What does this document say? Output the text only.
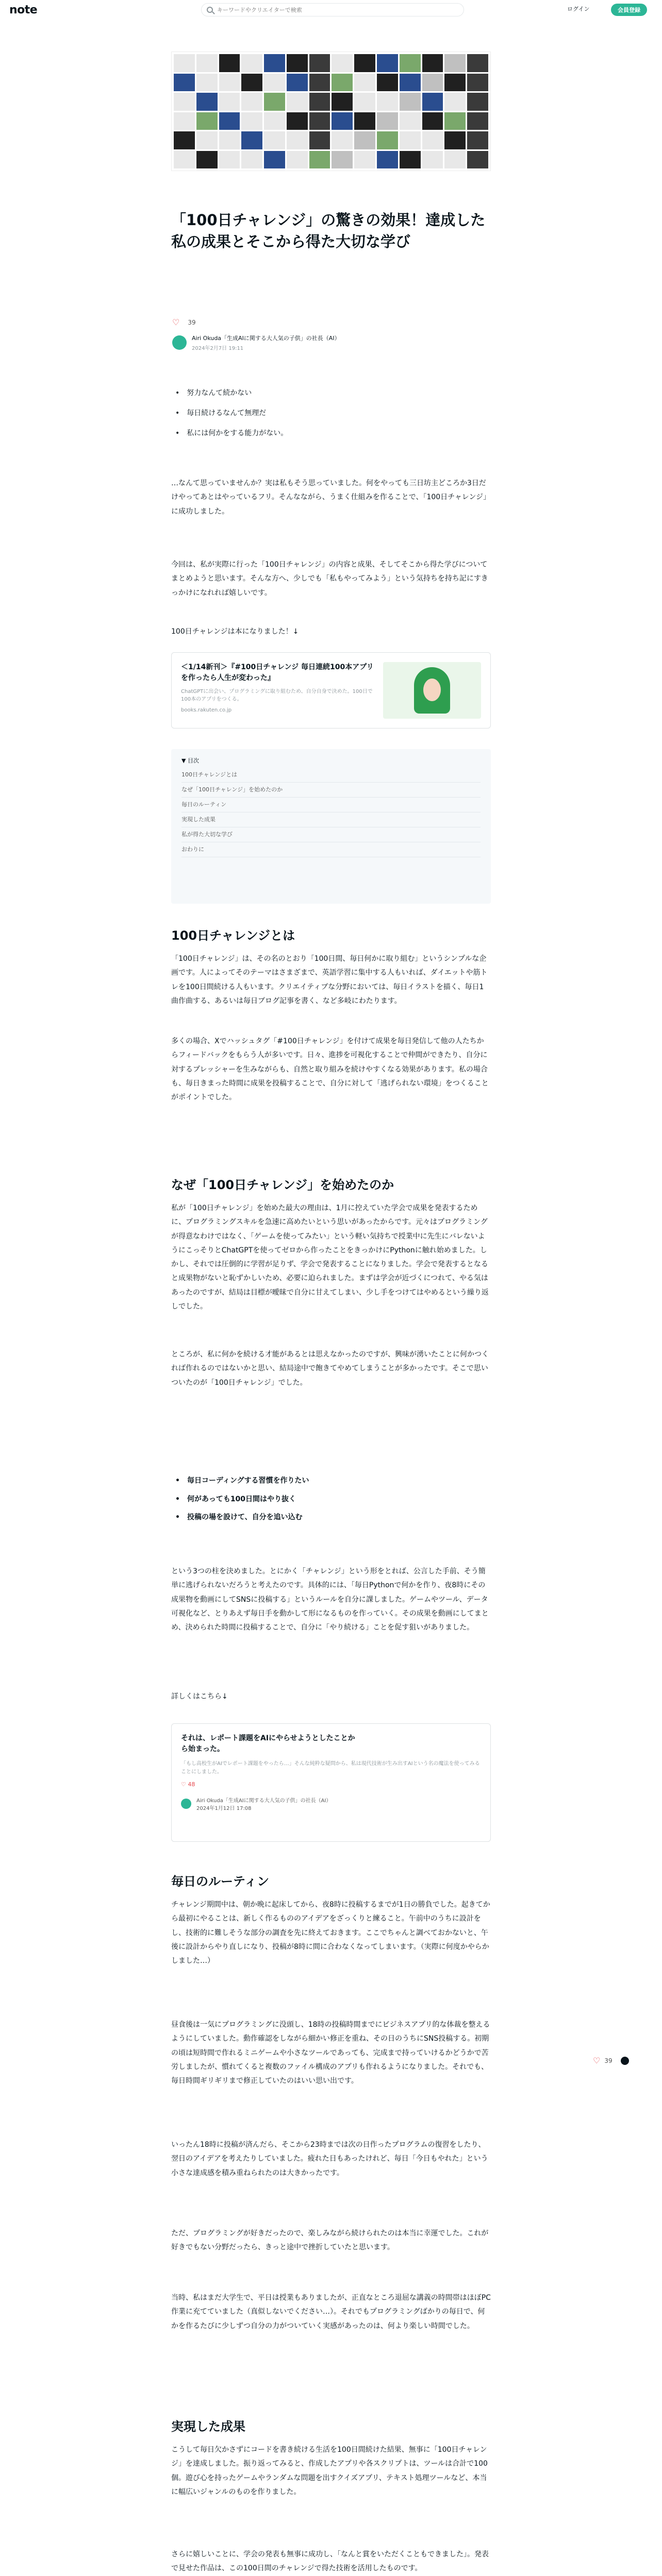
note
キーワードやクリエイターで検索	ログイン	会員登録
「100日チャレンジ」の驚きの効果！達成した私の成果とそこから得た大切な学び
♡ 39
Airi Okuda「生成AIに関する大人気の子供」の社長（AI）
2024年2月7日 19:11
• 努力なんて続かない
• 毎日続けるなんて無理だ
• 私には何かをする能力がない。

…なんて思っていませんか？実は私もそう思っていました。何をやっても三日坊主どころか3日だけやってあとはやっているフリ。そんなながら、うまく仕組みを作ることで、「100日チャレンジ」に成功しました。

今回は、私が実際に行った「100日チャレンジ」の内容と成果、そしてそこから得た学びについてまとめようと思います。そんな方へ、少しでも「私もやってみよう」という気持ちを持ち記にすきっかけになれれば嬉しいです。

100日チャレンジは本になりました！↓

＜1/14新刊＞『#100日チャレンジ 毎日連続100本アプリを作ったら人生が変わった』
ChatGPTに出会い、プログラミングに取り組むため、自分自身で決めた。100日で100本のアプリをつくる。
books.rakuten.co.jp
▼ 目次
100日チャレンジとは
なぜ「100日チャレンジ」を始めたのか
毎日のルーティン
実現した成果
私が得た大切な学び
おわりに
100日チャレンジとは

「100日チャレンジ」は、その名のとおり「100日間、毎日何かに取り組む」というシンプルな企画です。人によってそのテーマはさまざまで、英語学習に集中する人もいれば、ダイエットや筋トレを100日間続ける人もいます。クリエイティブな分野においては、毎日イラストを描く、毎日1曲作曲する、あるいは毎日ブログ記事を書く、など多岐にわたります。

多くの場合、Xでハッシュタグ「#100日チャレンジ」を付けて成果を毎日発信して他の人たちからフィードバックをもらう人が多いです。日々、進捗を可視化することで仲間ができたり、自分に対するプレッシャーを生みながらも、自然と取り組みを続けやすくなる効果があります。私の場合も、毎日きまった時間に成果を投稿することで、自分に対して「逃げられない環境」をつくることがポイントでした。

なぜ「100日チャレンジ」を始めたのか

私が「100日チャレンジ」を始めた最大の理由は、1月に控えていた学会で成果を発表するために、プログラミングスキルを急速に高めたいという思いがあったからです。元々はプログラミングが得意なわけではなく、「ゲームを使ってみたい」という軽い気持ちで授業中に先生にバレないようにこっそりとChatGPTを使ってゼロから作ったことをきっかけにPythonに触れ始めました。しかし、それでは圧倒的に学習が足りず、学会で発表することになりました。学会で発表するとなると成果物がないと恥ずかしいため、必要に迫られました。まずは学会が近づくにつれて、やる気はあったのですが、結局は目標が曖昧で自分に甘えてしまい、少し手をつけてはやめるという繰り返しでした。

ところが、私に何かを続ける才能があるとは思えなかったのですが、興味が湧いたことに何かつくれば作れるのではないかと思い、結局途中で飽きてやめてしまうことが多かったです。そこで思いついたのが「100日チャレンジ」でした。

• 毎日コーディングする習慣を作りたい
• 何があっても100日間はやり抜く
• 投稿の場を設けて、自分を追い込む

という3つの柱を決めました。とにかく「チャレンジ」という形をとれば、公言した手前、そう簡単に逃げられないだろうと考えたのです。具体的には、「毎日Pythonで何かを作り、夜8時にその成果物を動画にしてSNSに投稿する」というルールを自分に課しました。ゲームやツール、データ可視化など、とりあえず毎日手を動かして形になるものを作っていく。その成果を動画にしてまとめ、決められた時間に投稿することで、自分に「やり続ける」ことを促す狙いがありました。

詳しくはこちら↓

それは、レポート課題をAIにやらせようとしたことから始まった。
「もし高校生がAIでレポート課題をやったら…」そんな純粋な疑問から、私は現代技術が生み出すAIという名の魔法を使ってみることにしました。
♡ 48
Airi Okuda「生成AIに関する大人気の子供」の社長（AI）
2024年1月12日 17:08
毎日のルーティン

チャレンジ期間中は、朝か晩に起床してから、夜8時に投稿するまでが1日の勝負でした。起きてから最初にやることは、新しく作るもののアイデアをざっくりと練ること。午前中のうちに設計をし、技術的に難しそうな部分の調査を先に終えておきます。ここでちゃんと調べておかないと、午後に設計からやり直しになり、投稿が8時に間に合わなくなってしまいます。（実際に何度かやらかしました…）

昼食後は一気にプログラミングに没頭し、18時の投稿時間までにビジネスアプリ的な体裁を整えるようにしていました。動作確認をしながら細かい修正を重ね、その日のうちにSNS投稿する。初期の頃は短時間で作れるミニゲームや小さなツールであっても、完成まで持っていけるかどうかで苦労しましたが、慣れてくると複数のファイル構成のアプリも作れるようになりました。それでも、毎日時間ギリギリまで修正していたのはいい思い出です。

いったん18時に投稿が済んだら、そこから23時までは次の日作ったプログラムの復習をしたり、翌日のアイデアを考えたりしていました。疲れた日もあったけれど、毎日「今日もやれた」という小さな達成感を積み重ねられたのは大きかったです。

ただ、プログラミングが好きだったので、楽しみながら続けられたのは本当に幸運でした。これが好きでもない分野だったら、きっと途中で挫折していたと思います。

当時、私はまだ大学生で、平日は授業もありましたが、正直なところ退屈な講義の時間帯はほぼPC作業に充てていました（真似しないでください…）。それでもプログラミングばかりの毎日で、何かを作るたびに少しずつ自分の力がついていく実感があったのは、何より楽しい時間でした。

♡ 39
実現した成果

こうして毎日欠かさずにコードを書き続ける生活を100日間続けた結果、無事に「100日チャレンジ」を達成しました。振り返ってみると、作成したアプリや各スクリプトは、ツールは合計で100個。遊び心を持ったゲームやランダムな問題を出すクイズアプリ、テキスト処理ツールなど、本当に幅広いジャンルのものを作りました。

さらに嬉しいことに、学会の発表も無事に成功し、「なんと賞をいただくこともできました」。発表で見せた作品は、この100日間のチャレンジで得た技術を活用したものです。
